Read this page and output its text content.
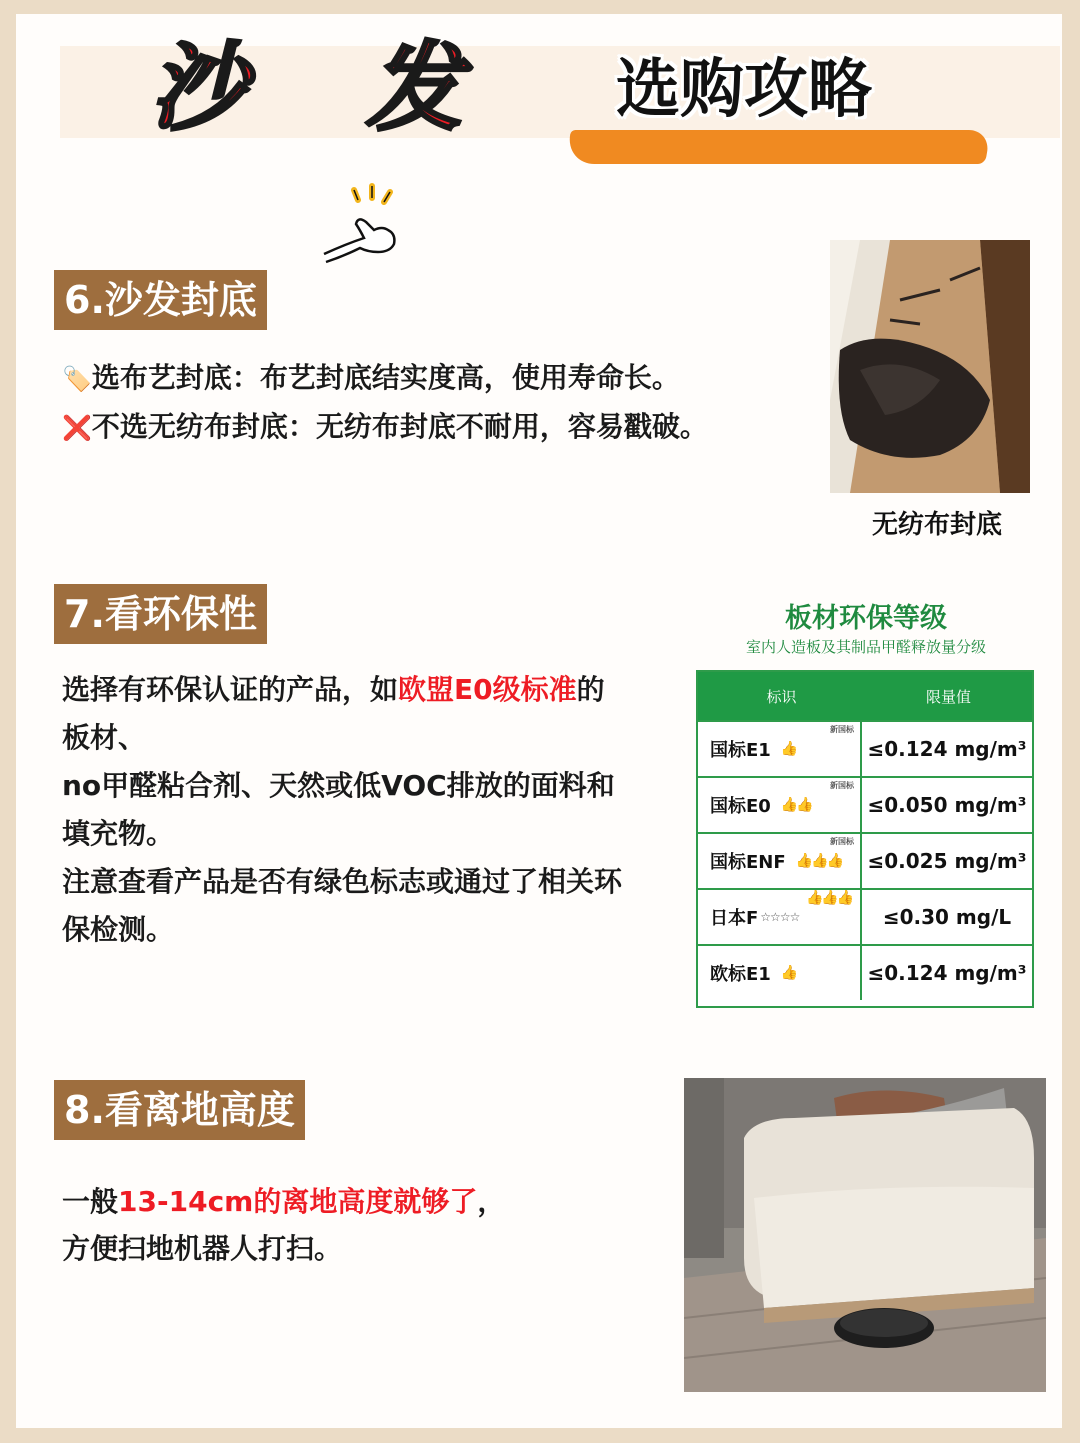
沙 发 选购攻略
6.沙发封底
🏷️选布艺封底：布艺封底结实度高，使用寿命长。
❌不选无纺布封底：无纺布封底不耐用，容易戳破。
无纺布封底
7.看环保性
选择有环保认证的产品，如欧盟E0级标准的板材、
no甲醛粘合剂、天然或低VOC排放的面料和填充物。
注意查看产品是否有绿色标志或通过了相关环保检测。
板材环保等级
室内人造板及其制品甲醛释放量分级
标识	限量值
国标E1 👍
新国标
≤0.124 mg/m³
国标E0 👍👍
新国标
≤0.050 mg/m³
国标ENF 👍👍👍
新国标
≤0.025 mg/m³
日本F ☆☆☆☆
👍👍👍
≤0.30 mg/L
欧标E1 👍	≤0.124 mg/m³
8.看离地高度
一般13-14cm的离地高度就够了，
方便扫地机器人打扫。
